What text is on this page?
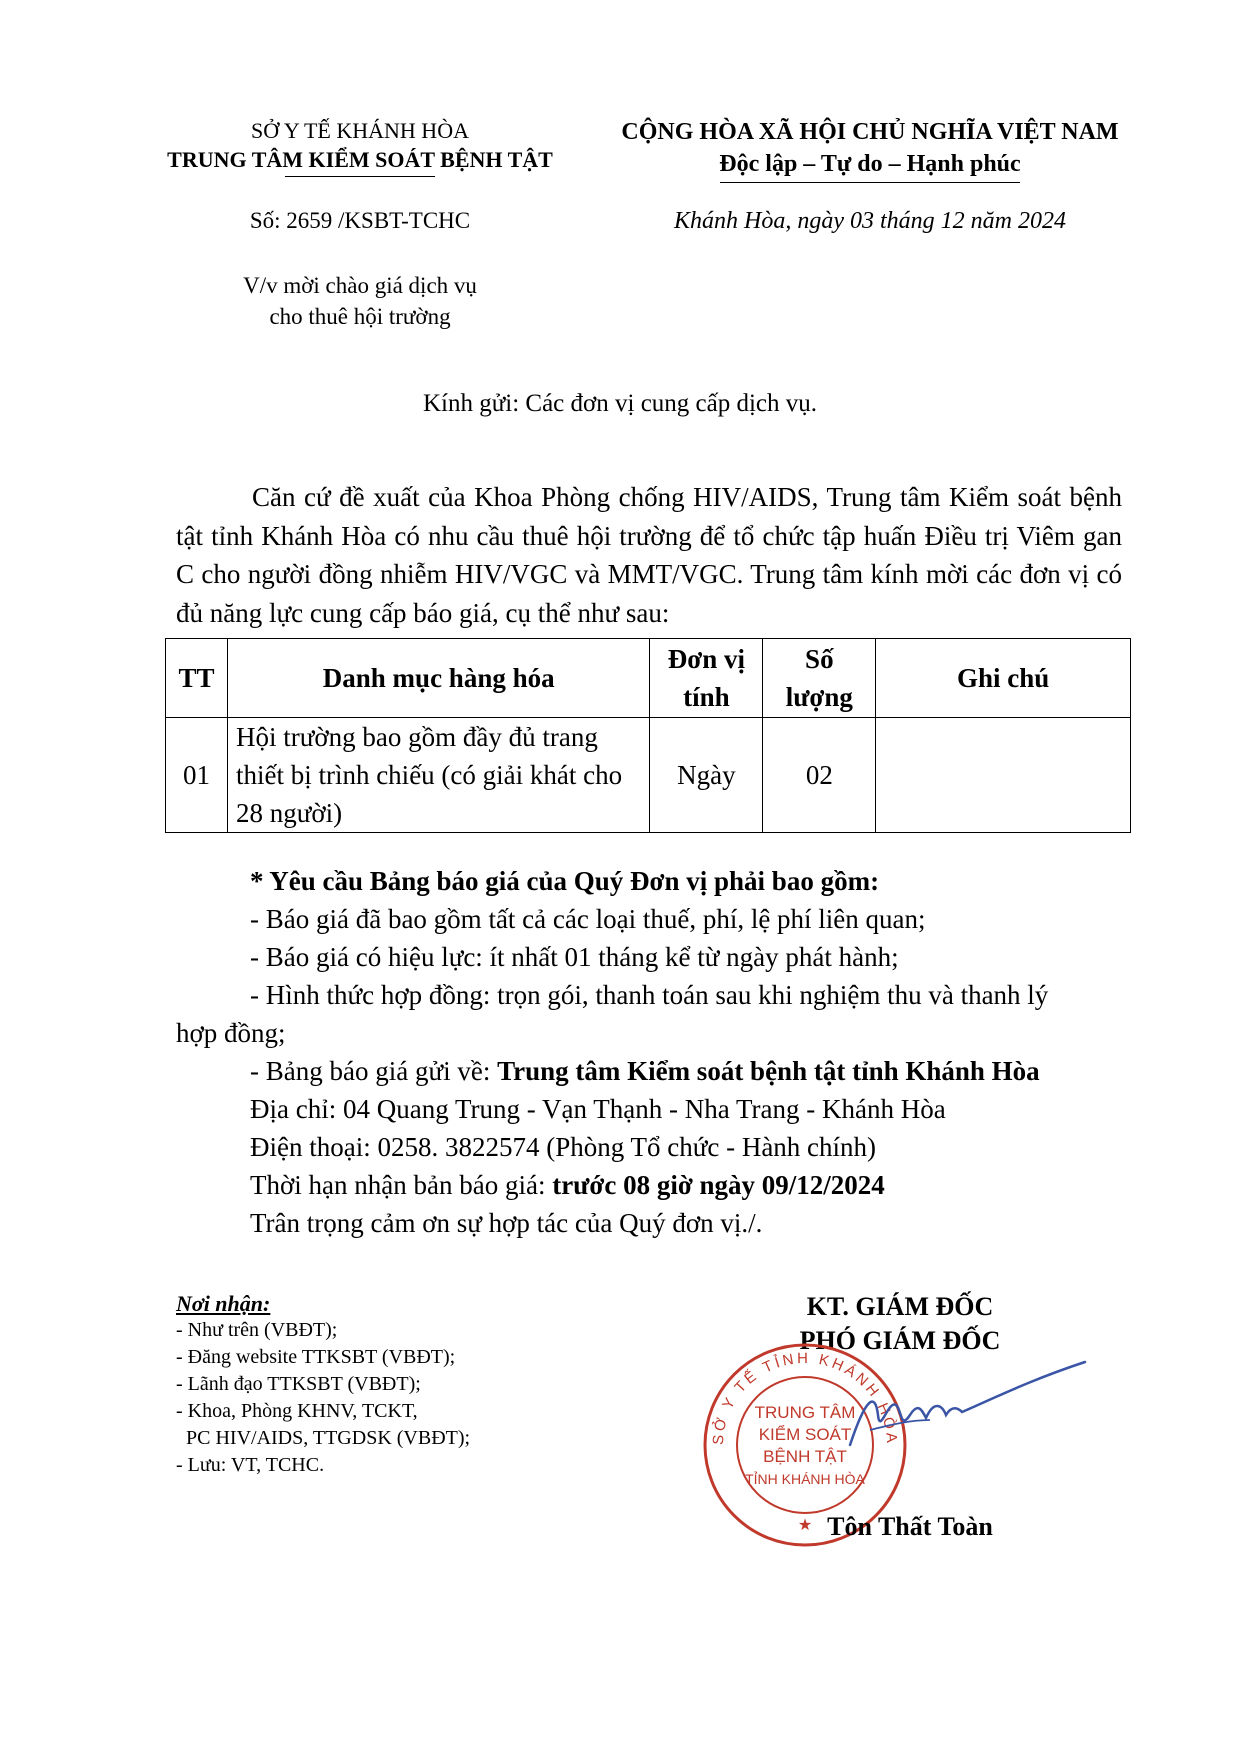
SỞ Y TẾ KHÁNH HÒA
TRUNG TÂM KIỂM SOÁT BỆNH TẬT
CỘNG HÒA XÃ HỘI CHỦ NGHĨA VIỆT NAM
Độc lập – Tự do – Hạnh phúc
Số: 2659 /KSBT-TCHC	Khánh Hòa, ngày 03 tháng 12 năm 2024
V/v mời chào giá dịch vụ
cho thuê hội trường
Kính gửi: Các đơn vị cung cấp dịch vụ.
Căn cứ đề xuất của Khoa Phòng chống HIV/AIDS, Trung tâm Kiểm soát bệnh tật tỉnh Khánh Hòa có nhu cầu thuê hội trường để tổ chức tập huấn Điều trị Viêm gan C cho người đồng nhiễm HIV/VGC và MMT/VGC. Trung tâm kính mời các đơn vị có đủ năng lực cung cấp báo giá, cụ thể như sau:
TT	Danh mục hàng hóa	Đơn vị tính	Số lượng	Ghi chú
01	Hội trường bao gồm đầy đủ trang thiết bị trình chiếu (có giải khát cho 28 người)	Ngày	02	
* Yêu cầu Bảng báo giá của Quý Đơn vị phải bao gồm:
- Báo giá đã bao gồm tất cả các loại thuế, phí, lệ phí liên quan;
- Báo giá có hiệu lực: ít nhất 01 tháng kể từ ngày phát hành;
- Hình thức hợp đồng: trọn gói, thanh toán sau khi nghiệm thu và thanh lý
hợp đồng;
- Bảng báo giá gửi về: Trung tâm Kiểm soát bệnh tật tỉnh Khánh Hòa
Địa chỉ: 04 Quang Trung - Vạn Thạnh - Nha Trang - Khánh Hòa
Điện thoại: 0258. 3822574 (Phòng Tổ chức - Hành chính)
Thời hạn nhận bản báo giá: trước 08 giờ ngày 09/12/2024
Trân trọng cảm ơn sự hợp tác của Quý đơn vị./.
Nơi nhận:
- Như trên (VBĐT);
- Đăng website TTKSBT (VBĐT);
- Lãnh đạo TTKSBT (VBĐT);
- Khoa, Phòng KHNV, TCKT,
PC HIV/AIDS, TTGDSK (VBĐT);
- Lưu: VT, TCHC.
KT. GIÁM ĐỐC
PHÓ GIÁM ĐỐC
SỞ Y TẾ TỈNH KHÁNH HÒA
TRUNG TÂM
KIỂM SOÁT
BỆNH TẬT
TỈNH KHÁNH HÒA
★ Tôn Thất Toàn
